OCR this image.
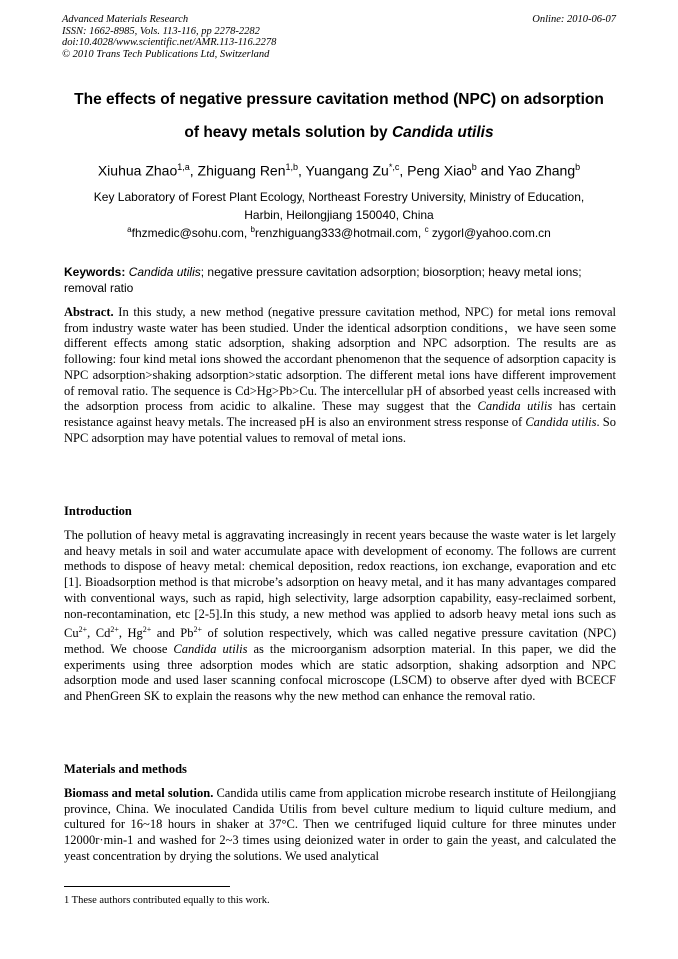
Advanced Materials Research
ISSN: 1662-8985, Vols. 113-116, pp 2278-2282
doi:10.4028/www.scientific.net/AMR.113-116.2278
© 2010 Trans Tech Publications Ltd, Switzerland
Online: 2010-06-07
The effects of negative pressure cavitation method (NPC) on adsorption
of heavy metals solution by Candida utilis
Xiuhua Zhao$^{1,a}$, Zhiguang Ren$^{1,b}$, Yuangang $Zu^{*,c}$, Peng Xiao$^b$ and Yao Zhang$^b$
Key Laboratory of Forest Plant Ecology, Northeast Forestry University, Ministry of Education,
Harbin, Heilongjiang 150040, China
$^a$fhzmedic@sohu.com, $^b$renzhiguang333@hotmail.com, $^c$ zygorl@yahoo.com.cn
Keywords: Candida utilis; negative pressure cavitation adsorption; biosorption; heavy metal ions; removal ratio
Abstract. In this study, a new method (negative pressure cavitation method, NPC) for metal ions removal from industry waste water has been studied. Under the identical adsorption conditions，we have seen some different effects among static adsorption, shaking adsorption and NPC adsorption. The results are as following: four kind metal ions showed the accordant phenomenon that the sequence of adsorption capacity is NPC adsorption>shaking adsorption>static adsorption. The different metal ions have different improvement of removal ratio. The sequence is Cd>Hg>Pb>Cu. The intercellular pH of absorbed yeast cells increased with the adsorption process from acidic to alkaline. These may suggest that the Candida utilis has certain resistance against heavy metals. The increased pH is also an environment stress response of Candida utilis. So NPC adsorption may have potential values to removal of metal ions.
Introduction
The pollution of heavy metal is aggravating increasingly in recent years because the waste water is let largely and heavy metals in soil and water accumulate apace with development of economy. The follows are current methods to dispose of heavy metal: chemical deposition, redox reactions, ion exchange, evaporation and etc [1]. Bioadsorption method is that microbe’s adsorption on heavy metal, and it has many advantages compared with conventional ways, such as rapid, high selectivity, large adsorption capability, easy-reclaimed sorbent, non-recontamination, etc [2-5].In this study, a new method was applied to adsorb heavy metal ions such as $Cu^{2+}$, $Cd^{2+}$, $Hg^{2+}$ and $Pb^{2+}$ of solution respectively, which was called negative pressure cavitation (NPC) method. We choose Candida utilis as the microorganism adsorption material. In this paper, we did the experiments using three adsorption modes which are static adsorption, shaking adsorption and NPC adsorption mode and used laser scanning confocal microscope (LSCM) to observe after dyed with BCECF and PhenGreen SK to explain the reasons why the new method can enhance the removal ratio.
Materials and methods
Biomass and metal solution. Candida utilis came from application microbe research institute of Heilongjiang province, China. We inoculated Candida Utilis from bevel culture medium to liquid culture medium, and cultured for 16~18 hours in shaker at 37°C. Then we centrifuged liquid culture for three minutes under 12000r·min-1 and washed for 2~3 times using deionized water in order to gain the yeast, and calculated the yeast concentration by drying the solutions. We used analytical
1 These authors contributed equally to this work.
